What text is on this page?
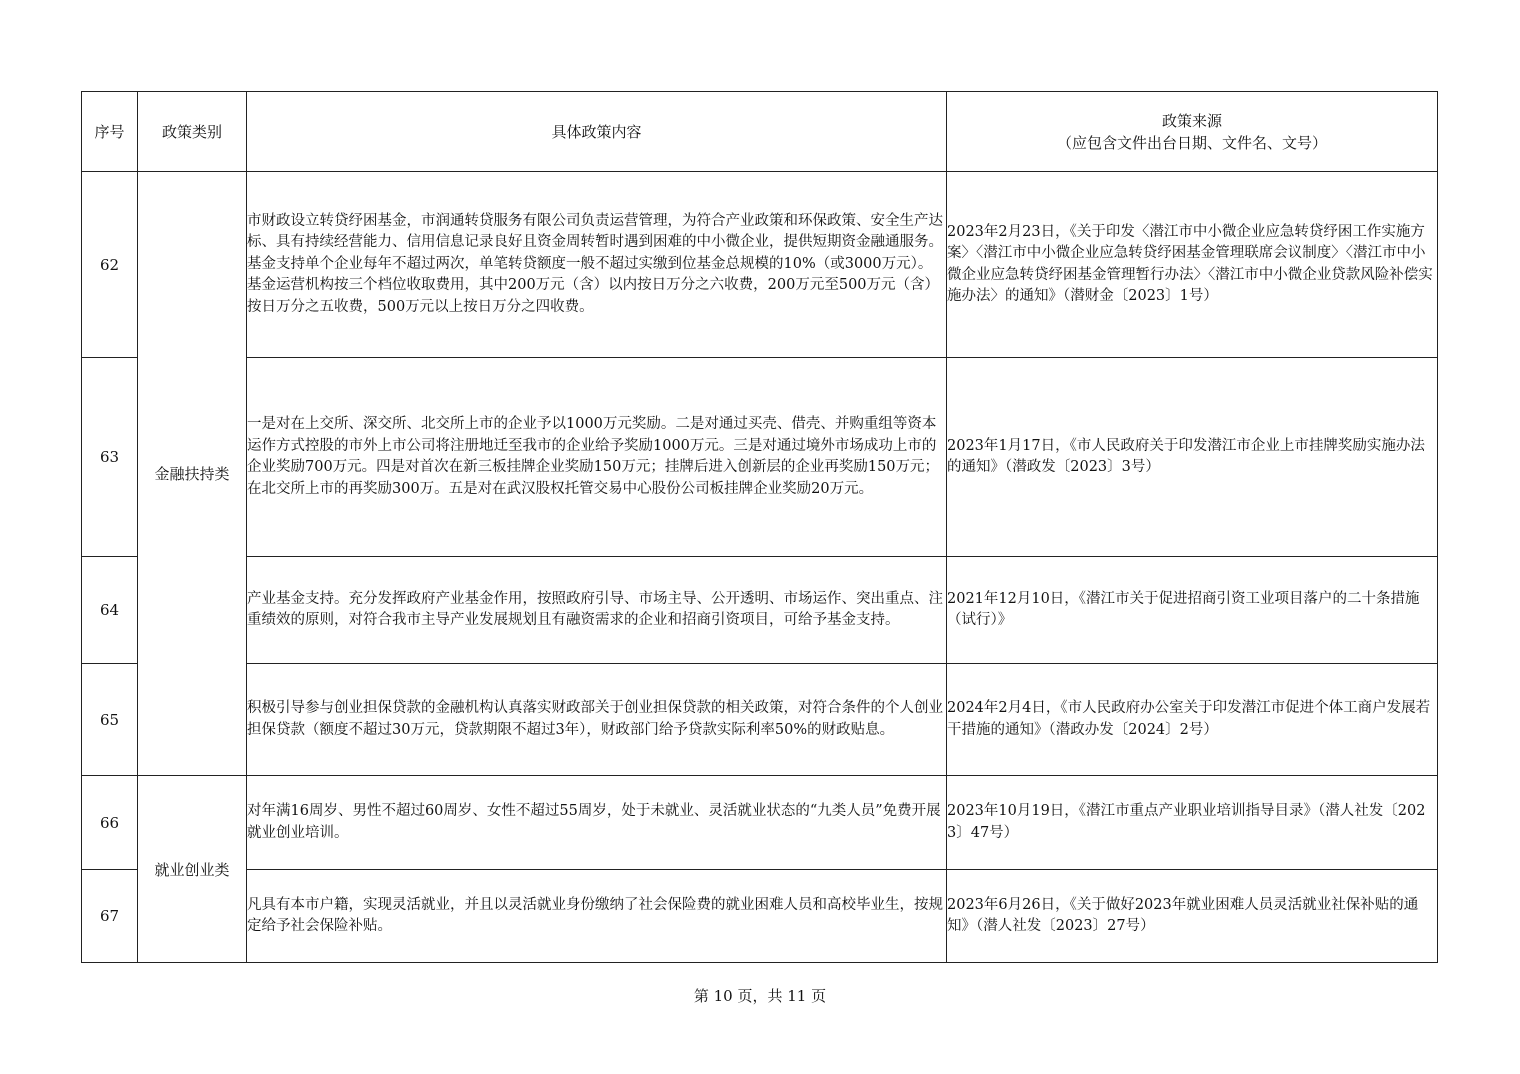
序号	政策类别	具体政策内容	政策来源
（应包含文件出台日期、文件名、文号）

62	金融扶持类	市财政设立转贷纾困基金，市润通转贷服务有限公司负责运营管理，为符合产业政策和环保政策、安全生产达标、具有持续经营能力、信用信息记录良好且资金周转暂时遇到困难的中小微企业，提供短期资金融通服务。基金支持单个企业每年不超过两次，单笔转贷额度一般不超过实缴到位基金总规模的10%（或3000万元）。基金运营机构按三个档位收取费用，其中200万元（含）以内按日万分之六收费，200万元至500万元（含）按日万分之五收费，500万元以上按日万分之四收费。	2023年2月23日，《关于印发〈潜江市中小微企业应急转贷纾困工作实施方案〉〈潜江市中小微企业应急转贷纾困基金管理联席会议制度〉〈潜江市中小微企业应急转贷纾困基金管理暂行办法〉〈潜江市中小微企业贷款风险补偿实施办法〉的通知》（潜财金〔2023〕1号）
63		一是对在上交所、深交所、北交所上市的企业予以1000万元奖励。二是对通过买壳、借壳、并购重组等资本运作方式控股的市外上市公司将注册地迁至我市的企业给予奖励1000万元。三是对通过境外市场成功上市的企业奖励700万元。四是对首次在新三板挂牌企业奖励150万元；挂牌后进入创新层的企业再奖励150万元；在北交所上市的再奖励300万。五是对在武汉股权托管交易中心股份公司板挂牌企业奖励20万元。	2023年1月17日，《市人民政府关于印发潜江市企业上市挂牌奖励实施办法的通知》（潜政发〔2023〕3号）
64		产业基金支持。充分发挥政府产业基金作用，按照政府引导、市场主导、公开透明、市场运作、突出重点、注重绩效的原则，对符合我市主导产业发展规划且有融资需求的企业和招商引资项目，可给予基金支持。	2021年12月10日，《潜江市关于促进招商引资工业项目落户的二十条措施（试行）》
65		积极引导参与创业担保贷款的金融机构认真落实财政部关于创业担保贷款的相关政策，对符合条件的个人创业担保贷款（额度不超过30万元，贷款期限不超过3年），财政部门给予贷款实际利率50%的财政贴息。	2024年2月4日，《市人民政府办公室关于印发潜江市促进个体工商户发展若干措施的通知》（潜政办发〔2024〕2号）
66	就业创业类	对年满16周岁、男性不超过60周岁、女性不超过55周岁，处于未就业、灵活就业状态的“九类人员”免费开展就业创业培训。	2023年10月19日，《潜江市重点产业职业培训指导目录》（潜人社发〔2023〕47号）
67		凡具有本市户籍，实现灵活就业，并且以灵活就业身份缴纳了社会保险费的就业困难人员和高校毕业生，按规定给予社会保险补贴。	2023年6月26日，《关于做好2023年就业困难人员灵活就业社保补贴的通知》（潜人社发〔2023〕27号）
第 10 页，共 11 页
